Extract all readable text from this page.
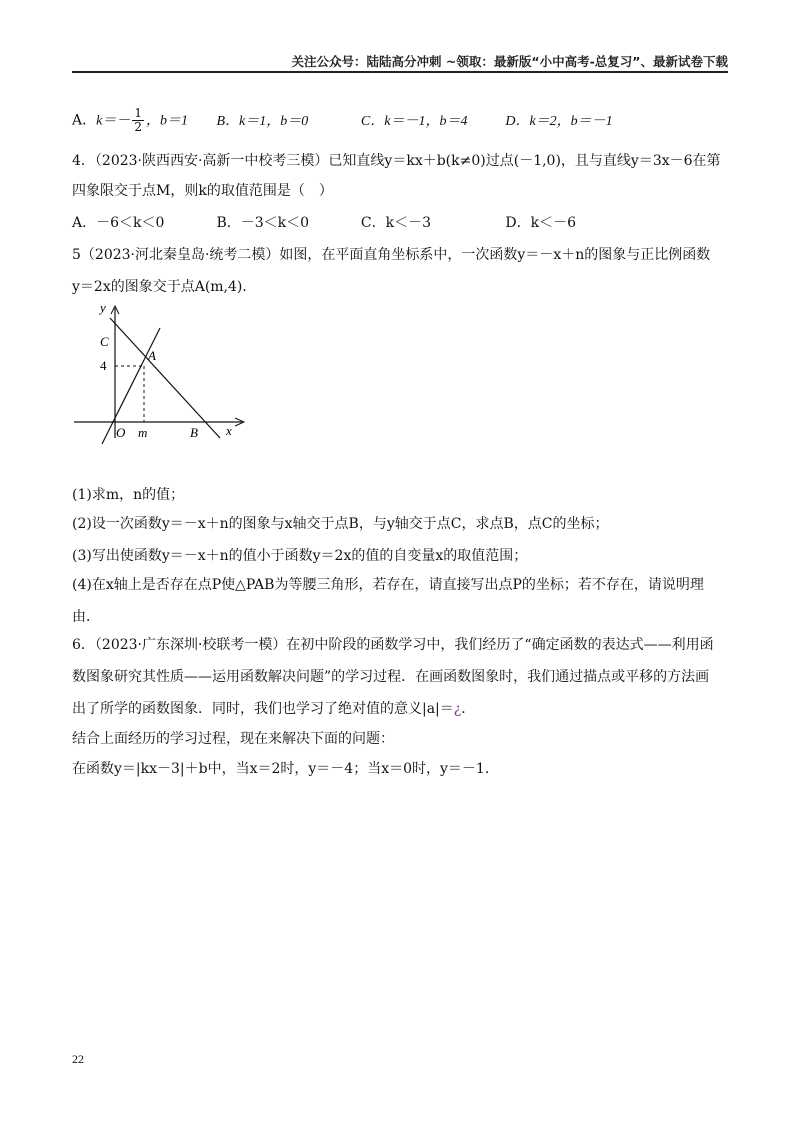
关注公众号：陆陆高分冲刺 ~领取：最新版“小中高考-总复习”、最新试卷下载
A．$k=- \frac{1}{2}$ ，b＝1 B．k＝1，b＝0	C．k＝－1，b＝4	D．k＝2，b＝－1
4．（2023·陕西西安·高新一中校考三模）已知直线y＝kx＋b(k≠0)过点(－1,0)，且与直线y＝3x－6在第
四象限交于点M，则k的取值范围是（　）
A．－6＜k＜0	B．－3＜k＜0	C．k＜－3	D．k＜－6
5（2023·河北秦皇岛·统考二模）如图，在平面直角坐标系中，一次函数y＝－x＋n的图象与正比例函数
y＝2x的图象交于点A(m,4)．
y
C
A
4
O m	B x
(1)求m，n的值；
(2)设一次函数y＝－x＋n的图象与x轴交于点B，与y轴交于点C，求点B，点C的坐标；
(3)写出使函数y＝－x＋n的值小于函数y＝2x的值的自变量x的取值范围；
(4)在x轴上是否存在点P使△PAB为等腰三角形，若存在，请直接写出点P的坐标；若不存在，请说明理
由．
6．（2023·广东深圳·校联考一模）在初中阶段的函数学习中，我们经历了“确定函数的表达式——利用函
数图象研究其性质——运用函数解决问题”的学习过程．在画函数图象时，我们通过描点或平移的方法画
出了所学的函数图象．同时，我们也学习了绝对值的意义|a|＝¿．
结合上面经历的学习过程，现在来解决下面的问题：
在函数y＝|kx－3|＋b中，当x＝2时，y＝－4；当x＝0时，y＝－1．
22
